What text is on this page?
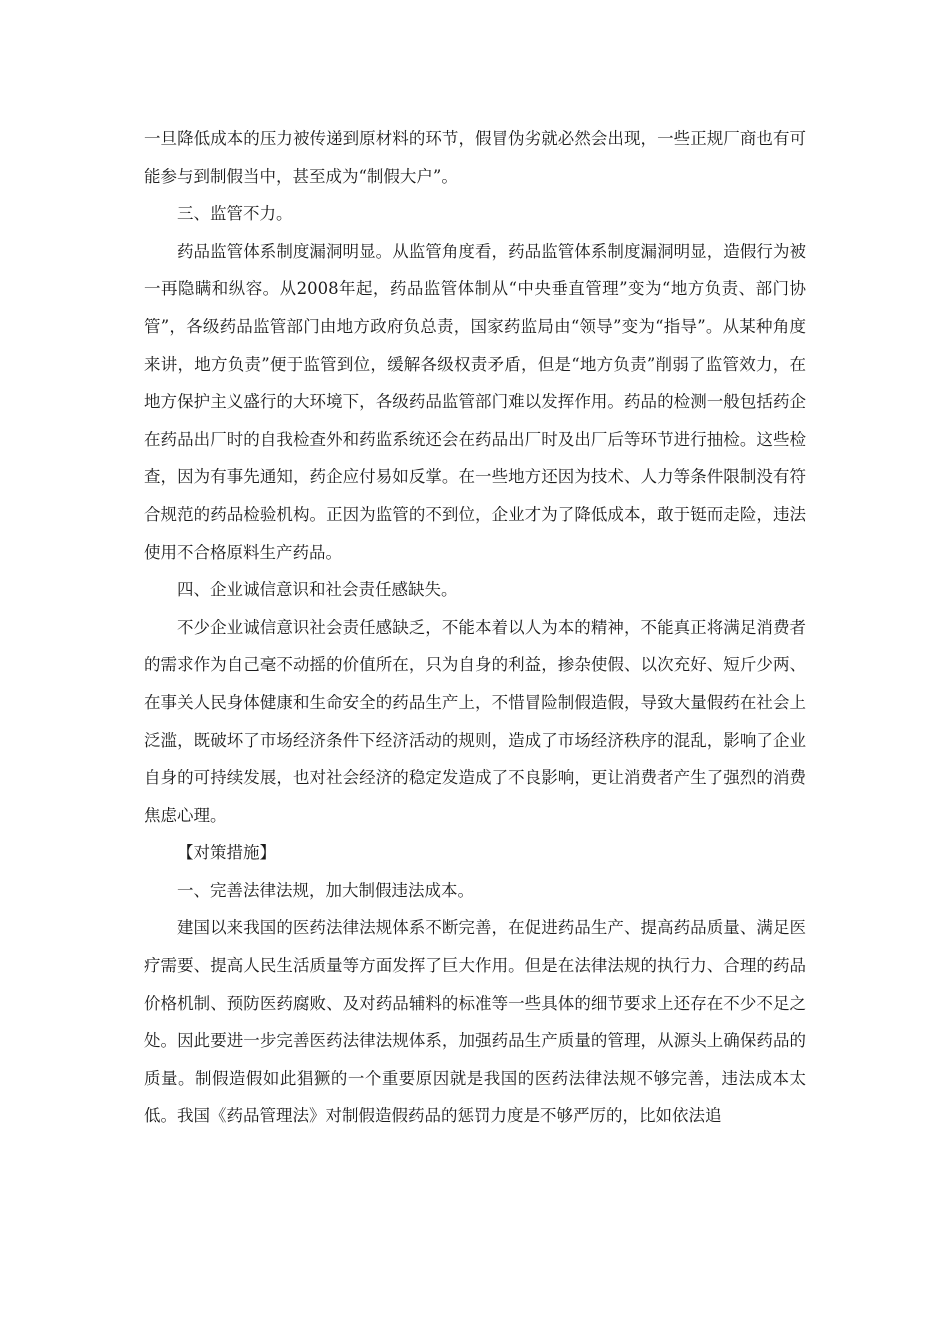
一旦降低成本的压力被传递到原材料的环节，假冒伪劣就必然会出现，一些正规厂商也有可能参与到制假当中，甚至成为“制假大户”。

三、监管不力。

药品监管体系制度漏洞明显。从监管角度看，药品监管体系制度漏洞明显，造假行为被一再隐瞒和纵容。从2008年起，药品监管体制从“中央垂直管理”变为“地方负责、部门协管”，各级药品监管部门由地方政府负总责，国家药监局由“领导”变为“指导”。从某种角度来讲，地方负责”便于监管到位，缓解各级权责矛盾，但是“地方负责”削弱了监管效力，在地方保护主义盛行的大环境下，各级药品监管部门难以发挥作用。药品的检测一般包括药企在药品出厂时的自我检查外和药监系统还会在药品出厂时及出厂后等环节进行抽检。这些检查，因为有事先通知，药企应付易如反掌。在一些地方还因为技术、人力等条件限制没有符合规范的药品检验机构。正因为监管的不到位，企业才为了降低成本，敢于铤而走险，违法使用不合格原料生产药品。

四、企业诚信意识和社会责任感缺失。

不少企业诚信意识社会责任感缺乏，不能本着以人为本的精神，不能真正将满足消费者的需求作为自己毫不动摇的价值所在，只为自身的利益，掺杂使假、以次充好、短斤少两、在事关人民身体健康和生命安全的药品生产上，不惜冒险制假造假，导致大量假药在社会上泛滥，既破坏了市场经济条件下经济活动的规则，造成了市场经济秩序的混乱，影响了企业自身的可持续发展，也对社会经济的稳定发造成了不良影响，更让消费者产生了强烈的消费焦虑心理。

【对策措施】

一、完善法律法规，加大制假违法成本。

建国以来我国的医药法律法规体系不断完善，在促进药品生产、提高药品质量、满足医疗需要、提高人民生活质量等方面发挥了巨大作用。但是在法律法规的执行力、合理的药品价格机制、预防医药腐败、及对药品辅料的标准等一些具体的细节要求上还存在不少不足之处。因此要进一步完善医药法律法规体系，加强药品生产质量的管理，从源头上确保药品的质量。制假造假如此猖獗的一个重要原因就是我国的医药法律法规不够完善，违法成本太低。我国《药品管理法》对制假造假药品的惩罚力度是不够严厉的，比如依法追
